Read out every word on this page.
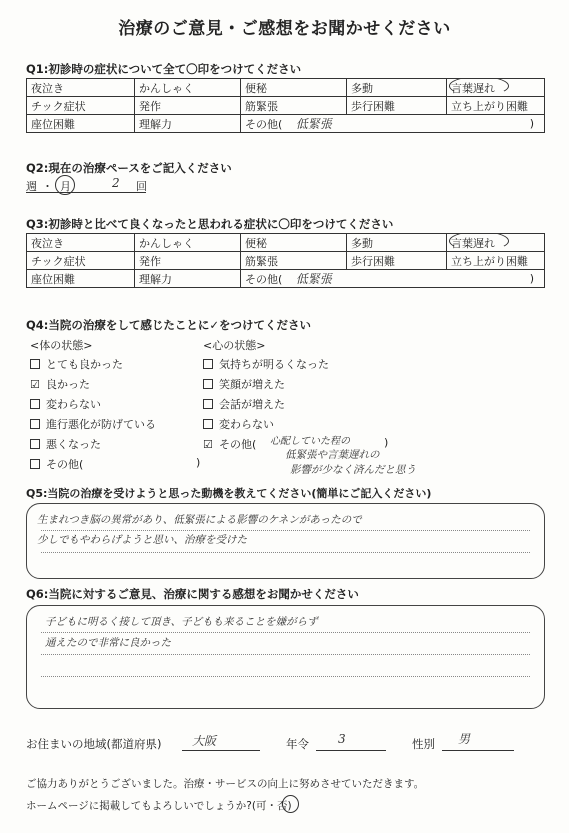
治療のご意見・ご感想をお聞かせください
Q1:初診時の症状について全て〇印をつけてください
夜泣き	かんしゃく	便秘	多動	言葉遅れ

チック症状	発作	筋緊張	歩行困難	立ち上がり困難
座位困難	理解力	その他( 低緊張 )		
Q2:現在の治療ペースをご記入ください
週 ・ 月	2 回
Q3:初診時と比べて良くなったと思われる症状に〇印をつけてください
夜泣き	かんしゃく	便秘	多動	言葉遅れ

チック症状	発作	筋緊張	歩行困難	立ち上がり困難
座位困難	理解力	その他( 低緊張 )		
Q4:当院の治療をして感じたことに✓をつけてください
<体の状態>	<心の状態>
とても良かった
☑ 良かった
変わらない
進行悪化が防げている
悪くなった
その他(	)
気持ちが明るくなった
笑顔が増えた
会話が増えた
変わらない
☑ その他( 心配していた程の	)
低緊張や言葉遅れの
影響が少なく済んだと思う
Q5:当院の治療を受けようと思った動機を教えてください(簡単にご記入ください)
生まれつき脳の異常があり、低緊張による影響のケネンがあったので
少しでもやわらげようと思い、治療を受けた
Q6:当院に対するご意見、治療に関する感想をお聞かせください
子どもに明るく接して頂き、子どもも来ることを嫌がらず
通えたので非常に良かった
お住まいの地域(都道府県)	大阪	年令 3	性別 男
ご協力ありがとうございました。治療・サービスの向上に努めさせていただきます。
ホームページに掲載してもよろしいでしょうか?(可・否)
